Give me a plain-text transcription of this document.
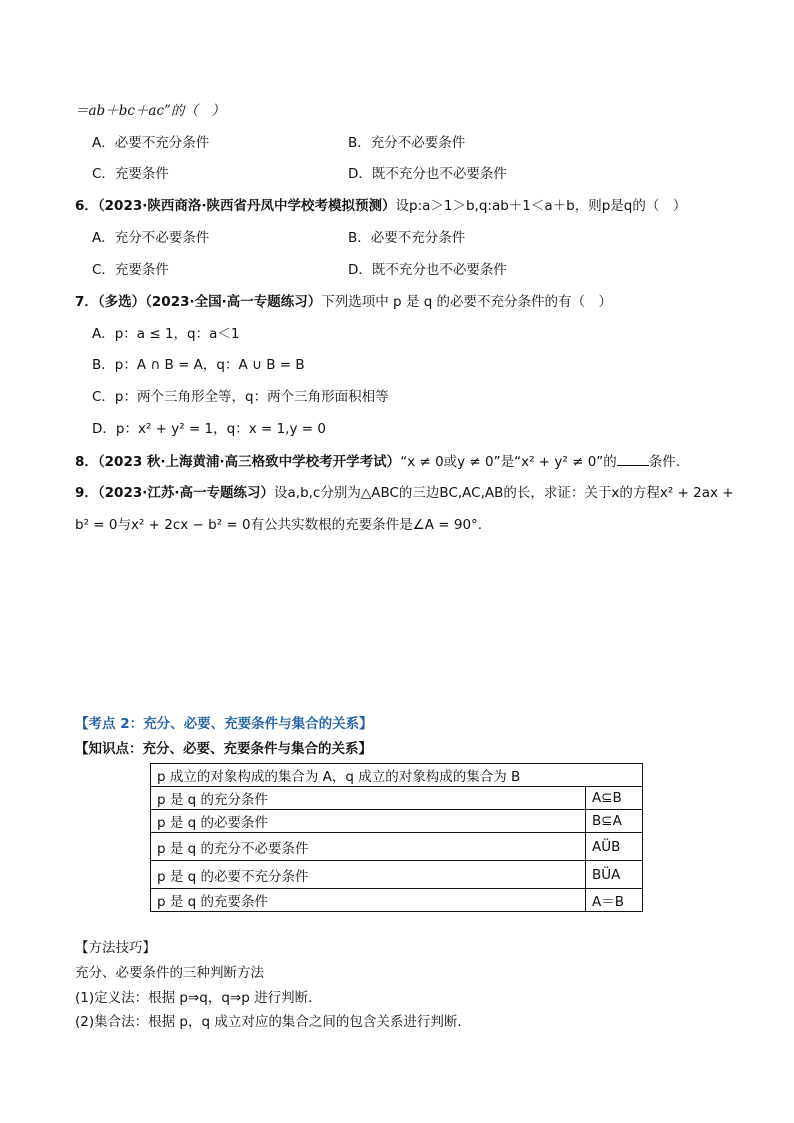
＝ab＋bc＋ac”的（　）
A．必要不充分条件	B．充分不必要条件
C．充要条件	D．既不充分也不必要条件
6．（2023·陕西商洛·陕西省丹凤中学校考模拟预测）设p:a＞1＞b,q:ab＋1＜a＋b，则p是q的（　）
A．充分不必要条件	B．必要不充分条件
C．充要条件	D．既不充分也不必要条件
7．（多选）（2023·全国·高一专题练习）下列选项中 p 是 q 的必要不充分条件的有（　）
A．p：a ≤ 1，q：a＜1
B．p：A ∩ B = A，q：A ∪ B = B
C．p：两个三角形全等，q：两个三角形面积相等
D．p：x² + y² = 1，q：x = 1,y = 0
8．（2023 秋·上海黄浦·高三格致中学校考开学考试）“x ≠ 0或y ≠ 0”是“x² + y² ≠ 0”的 条件.
9．（2023·江苏·高一专题练习）设a,b,c分别为△ABC的三边BC,AC,AB的长，求证：关于x的方程x² + 2ax +
b² = 0与x² + 2cx − b² = 0有公共实数根的充要条件是∠A = 90°.
【考点 2：充分、必要、充要条件与集合的关系】
【知识点：充分、必要、充要条件与集合的关系】
p 成立的对象构成的集合为 A，q 成立的对象构成的集合为 B	
p 是 q 的充分条件	A⊆B
p 是 q 的必要条件	B⊆A
p 是 q 的充分不必要条件	AÜB
p 是 q 的必要不充分条件	BÜA
p 是 q 的充要条件	A＝B
【方法技巧】
充分、必要条件的三种判断方法
(1)定义法：根据 p⇒q，q⇒p 进行判断．
(2)集合法：根据 p，q 成立对应的集合之间的包含关系进行判断．
